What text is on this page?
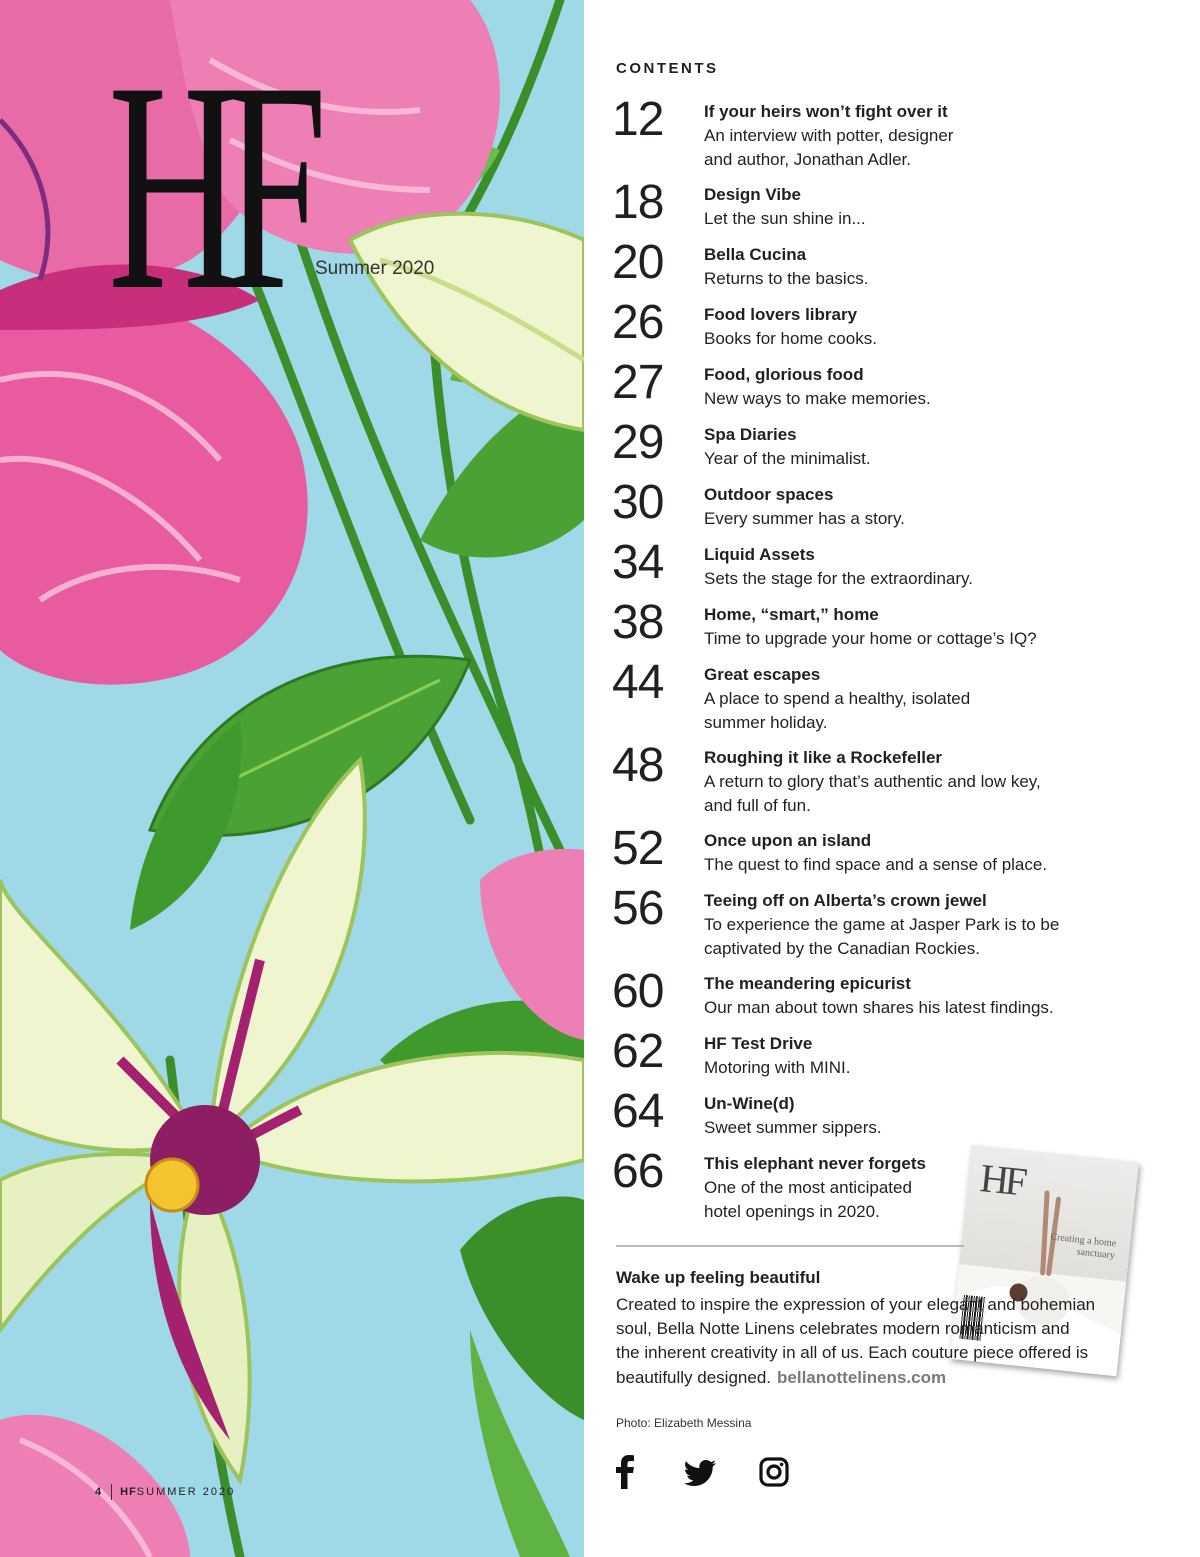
HF Summer 2020
4 HFSUMMER 2020
CONTENTS
12 If your heirs won’t fight over it
An interview with potter, designer and author, Jonathan Adler.
18 Design Vibe
Let the sun shine in...
20 Bella Cucina
Returns to the basics.
26 Food lovers library
Books for home cooks.
27 Food, glorious food
New ways to make memories.
29 Spa Diaries
Year of the minimalist.
30 Outdoor spaces
Every summer has a story.
34 Liquid Assets
Sets the stage for the extraordinary.
38 Home, “smart,” home
Time to upgrade your home or cottage’s IQ?
44 Great escapes
A place to spend a healthy, isolated summer holiday.
48 Roughing it like a Rockefeller
A return to glory that’s authentic and low key, and full of fun.
52 Once upon an island
The quest to find space and a sense of place.
56 Teeing off on Alberta’s crown jewel
To experience the game at Jasper Park is to be captivated by the Canadian Rockies.
60 The meandering epicurist
Our man about town shares his latest findings.
62 HF Test Drive
Motoring with MINI.
64 Un-Wine(d)
Sweet summer sippers.
66 This elephant never forgets
One of the most anticipated hotel openings in 2020.
HF
Creating a home sanctuary
Wake up feeling beautiful

Created to inspire the expression of your elegant and bohemian soul, Bella Notte Linens celebrates modern romanticism and the inherent creativity in all of us. Each couture piece offered is beautifully designed. bellanottelinens.com

Photo: Elizabeth Messina
